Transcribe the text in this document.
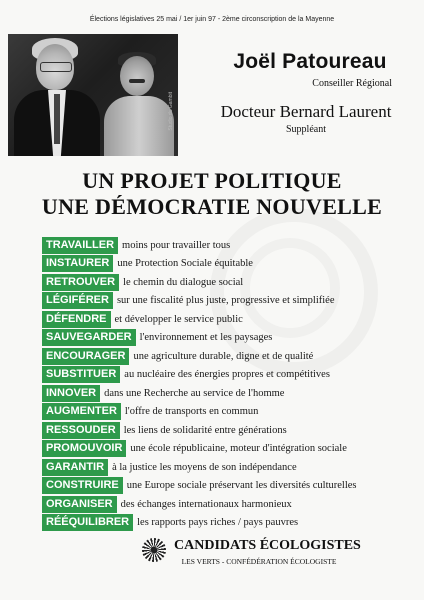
Élections législatives 25 mai / 1er juin 97 - 2ème circonscription de la Mayenne
Studio du Gambit
Joël Patoureau
Conseiller Régional
Docteur Bernard Laurent
Suppléant
UN PROJET POLITIQUE
UNE DÉMOCRATIE NOUVELLE
TRAVAILLER moins pour travailler tous
INSTAURER une Protection Sociale équitable
RETROUVER le chemin du dialogue social
LÉGIFÉRER sur une fiscalité plus juste, progressive et simplifiée
DÉFENDRE et développer le service public
SAUVEGARDER l'environnement et les paysages
ENCOURAGER une agriculture durable, digne et de qualité
SUBSTITUER au nucléaire des énergies propres et compétitives
INNOVER dans une Recherche au service de l'homme
AUGMENTER l'offre de transports en commun
RESSOUDER les liens de solidarité entre générations
PROMOUVOIR une école républicaine, moteur d'intégration sociale
GARANTIR à la justice les moyens de son indépendance
CONSTRUIRE une Europe sociale préservant les diversités culturelles
ORGANISER des échanges internationaux harmonieux
RÉÉQUILIBRER les rapports pays riches / pays pauvres
CANDIDATS ÉCOLOGISTES
LES VERTS - CONFÉDÉRATION ÉCOLOGISTE
